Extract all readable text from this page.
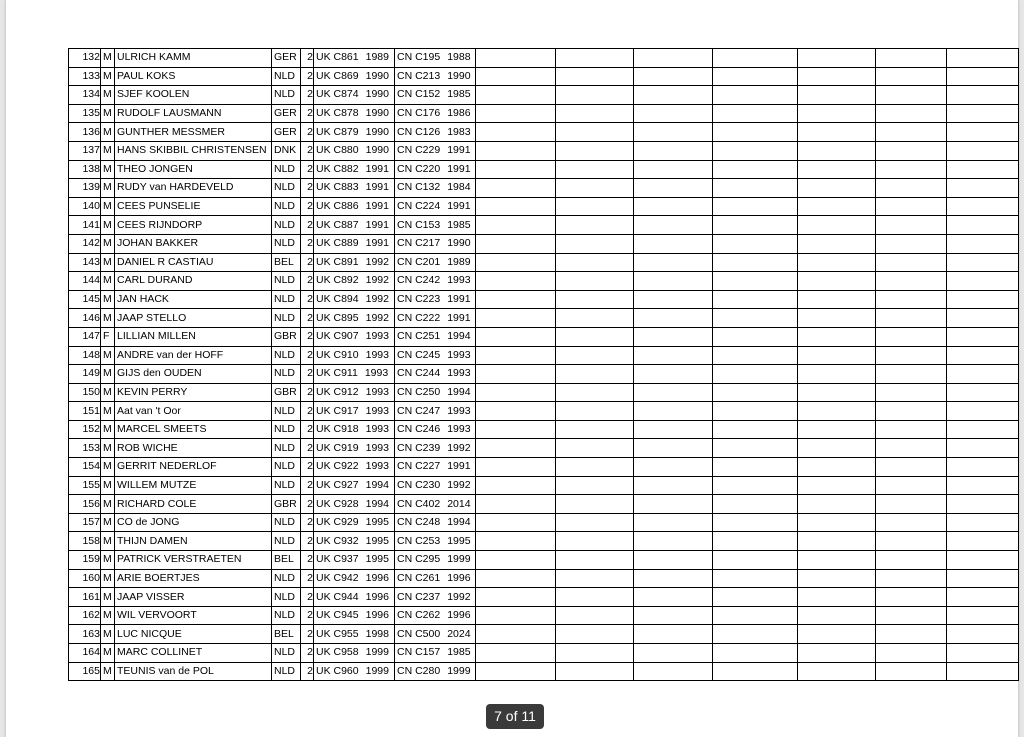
132	M	ULRICH KAMM	GER	2	UK C861 1989	CN C195 1988							
133	M	PAUL KOKS	NLD	2	UK C869 1990	CN C213 1990							
134	M	SJEF KOOLEN	NLD	2	UK C874 1990	CN C152 1985							
135	M	RUDOLF LAUSMANN	GER	2	UK C878 1990	CN C176 1986							
136	M	GUNTHER MESSMER	GER	2	UK C879 1990	CN C126 1983							
137	M	HANS SKIBBIL CHRISTENSEN	DNK	2	UK C880 1990	CN C229 1991							
138	M	THEO JONGEN	NLD	2	UK C882 1991	CN C220 1991							
139	M	RUDY van HARDEVELD	NLD	2	UK C883 1991	CN C132 1984							
140	M	CEES PUNSELIE	NLD	2	UK C886 1991	CN C224 1991							
141	M	CEES RIJNDORP	NLD	2	UK C887 1991	CN C153 1985							
142	M	JOHAN BAKKER	NLD	2	UK C889 1991	CN C217 1990							
143	M	DANIEL R CASTIAU	BEL	2	UK C891 1992	CN C201 1989							
144	M	CARL DURAND	NLD	2	UK C892 1992	CN C242 1993							
145	M	JAN HACK	NLD	2	UK C894 1992	CN C223 1991							
146	M	JAAP STELLO	NLD	2	UK C895 1992	CN C222 1991							
147	F	LILLIAN MILLEN	GBR	2	UK C907 1993	CN C251 1994							
148	M	ANDRE van der HOFF	NLD	2	UK C910 1993	CN C245 1993							
149	M	GIJS den OUDEN	NLD	2	UK C911 1993	CN C244 1993							
150	M	KEVIN PERRY	GBR	2	UK C912 1993	CN C250 1994							
151	M	Aat van 't Oor	NLD	2	UK C917 1993	CN C247 1993							
152	M	MARCEL SMEETS	NLD	2	UK C918 1993	CN C246 1993							
153	M	ROB WICHE	NLD	2	UK C919 1993	CN C239 1992							
154	M	GERRIT NEDERLOF	NLD	2	UK C922 1993	CN C227 1991							
155	M	WILLEM MUTZE	NLD	2	UK C927 1994	CN C230 1992							
156	M	RICHARD COLE	GBR	2	UK C928 1994	CN C402 2014							
157	M	CO de JONG	NLD	2	UK C929 1995	CN C248 1994							
158	M	THIJN DAMEN	NLD	2	UK C932 1995	CN C253 1995							
159	M	PATRICK VERSTRAETEN	BEL	2	UK C937 1995	CN C295 1999							
160	M	ARIE BOERTJES	NLD	2	UK C942 1996	CN C261 1996							
161	M	JAAP VISSER	NLD	2	UK C944 1996	CN C237 1992							
162	M	WIL VERVOORT	NLD	2	UK C945 1996	CN C262 1996							
163	M	LUC NICQUE	BEL	2	UK C955 1998	CN C500 2024							
164	M	MARC COLLINET	NLD	2	UK C958 1999	CN C157 1985							
165	M	TEUNIS van de POL	NLD	2	UK C960 1999	CN C280 1999							
7 of 11
